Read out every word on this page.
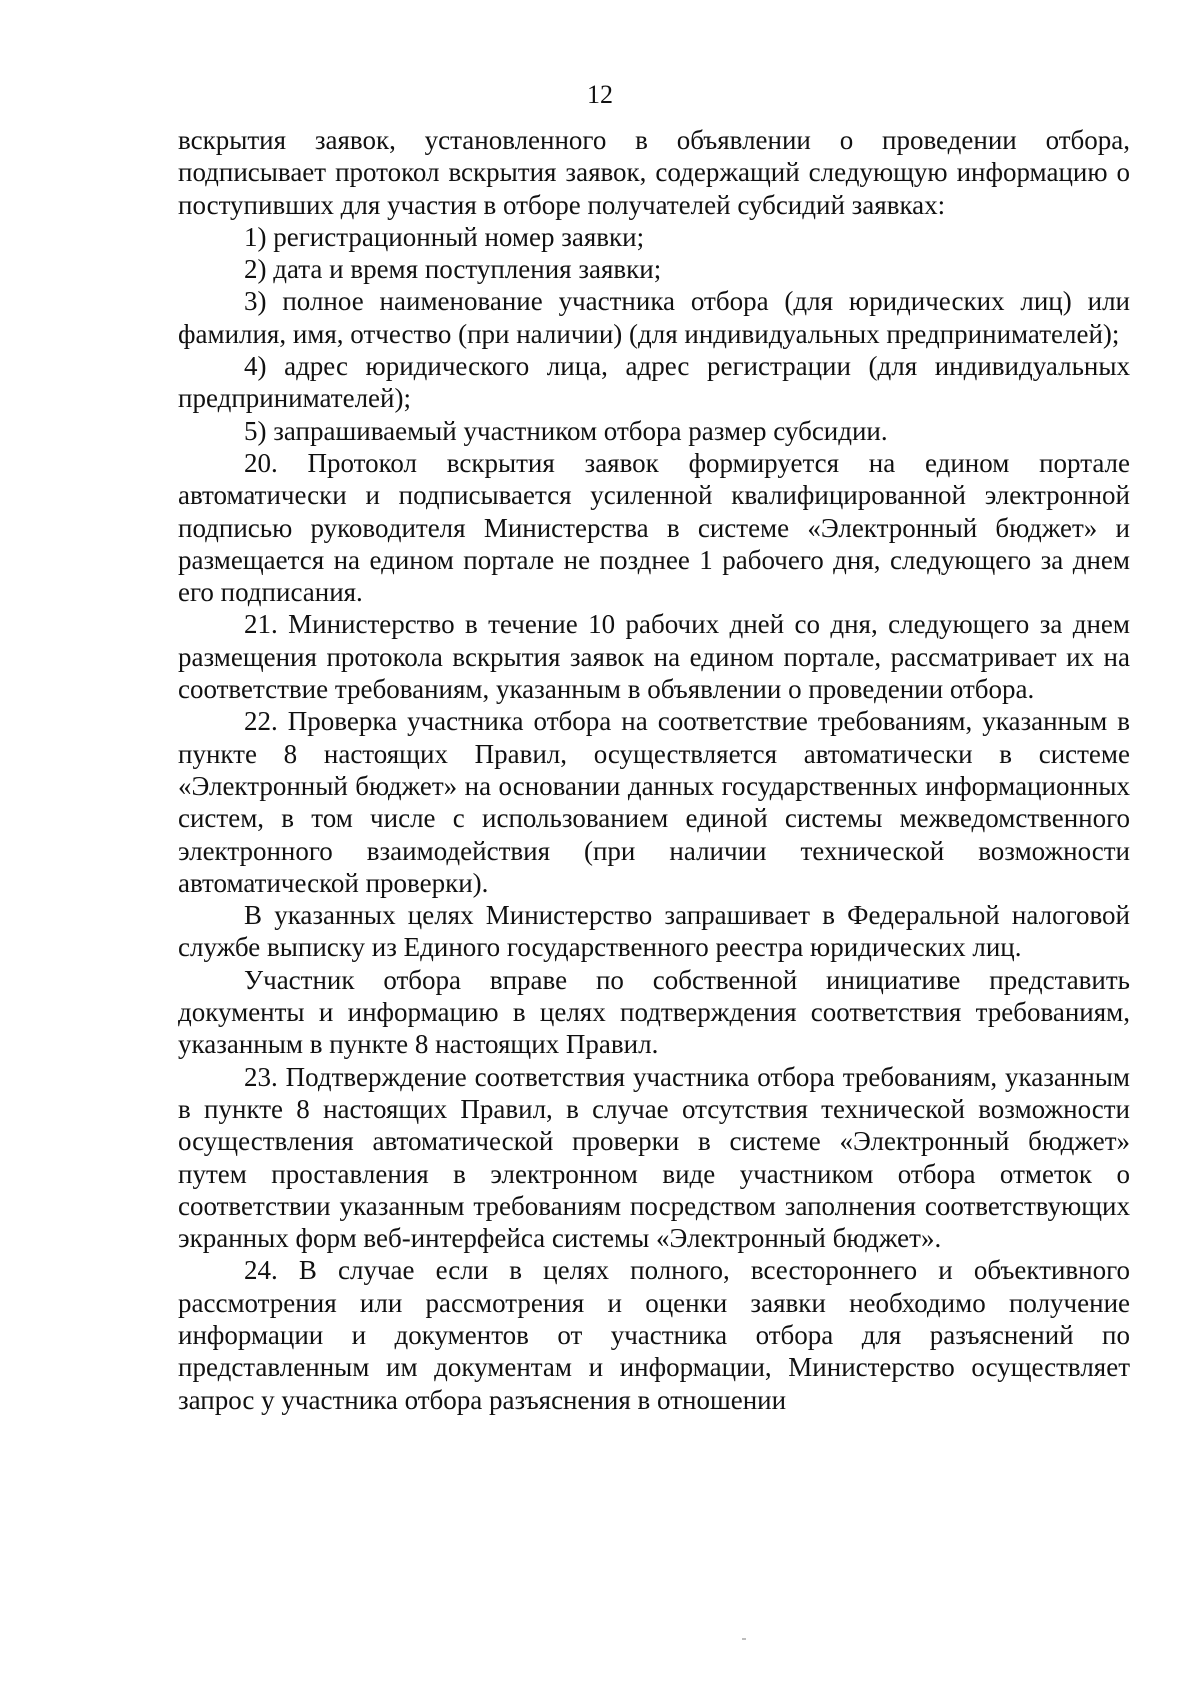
12

вскрытия заявок, установленного в объявлении о проведении отбора, подписывает протокол вскрытия заявок, содержащий следующую информацию о поступивших для участия в отборе получателей субсидий заявках:

1) регистрационный номер заявки;

2) дата и время поступления заявки;

3) полное наименование участника отбора (для юридических лиц) или фамилия, имя, отчество (при наличии) (для индивидуальных предпринимателей);

4) адрес юридического лица, адрес регистрации (для индивидуальных предпринимателей);

5) запрашиваемый участником отбора размер субсидии.

20. Протокол вскрытия заявок формируется на едином портале автоматически и подписывается усиленной квалифицированной электронной подписью руководителя Министерства в системе «Электронный бюджет» и размещается на едином портале не позднее 1 рабочего дня, следующего за днем его подписания.

21. Министерство в течение 10 рабочих дней со дня, следующего за днем размещения протокола вскрытия заявок на едином портале, рассматривает их на соответствие требованиям, указанным в объявлении о проведении отбора.

22. Проверка участника отбора на соответствие требованиям, указанным в пункте 8 настоящих Правил, осуществляется автоматически в системе «Электронный бюджет» на основании данных государственных информационных систем, в том числе с использованием единой системы межведомственного электронного взаимодействия (при наличии технической возможности автоматической проверки).

В указанных целях Министерство запрашивает в Федеральной налоговой службе выписку из Единого государственного реестра юридических лиц.

Участник отбора вправе по собственной инициативе представить документы и информацию в целях подтверждения соответствия требованиям, указанным в пункте 8 настоящих Правил.

23. Подтверждение соответствия участника отбора требованиям, указанным в пункте 8 настоящих Правил, в случае отсутствия технической возможности осуществления автоматической проверки в системе «Электронный бюджет» путем проставления в электронном виде участником отбора отметок о соответствии указанным требованиям посредством заполнения соответствующих экранных форм веб-интерфейса системы «Электронный бюджет».

24. В случае если в целях полного, всестороннего и объективного рассмотрения или рассмотрения и оценки заявки необходимо получение информации и документов от участника отбора для разъяснений по представленным им документам и информации, Министерство осуществляет запрос у участника отбора разъяснения в отношении
